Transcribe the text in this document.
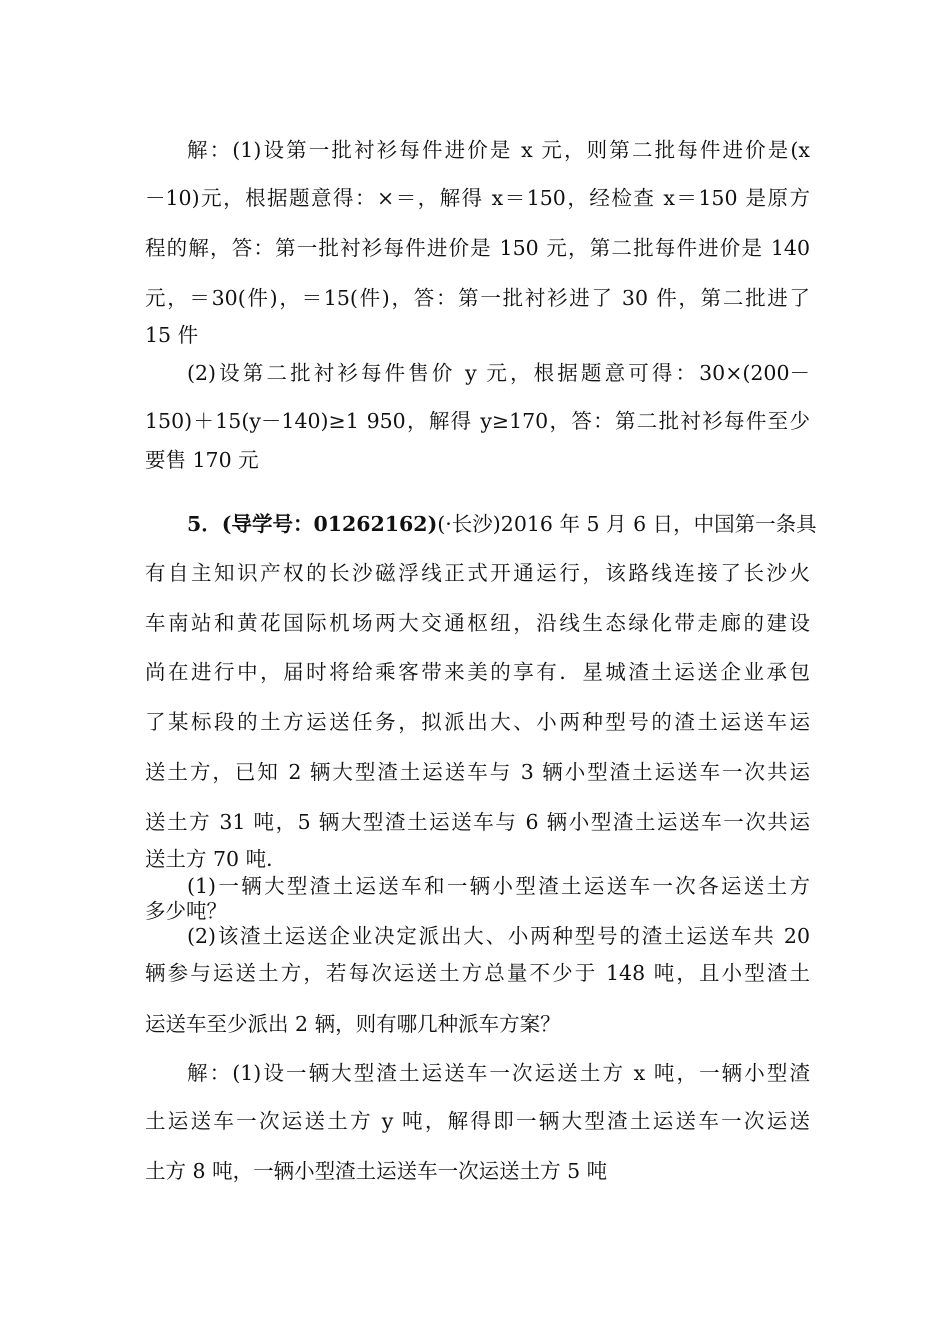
解：(1)设第一批衬衫每件进价是 x 元，则第二批每件进价是(x
－10)元，根据题意得：×＝，解得 x＝150，经检查 x＝150 是原方
程的解，答：第一批衬衫每件进价是 150 元，第二批每件进价是 140
元，＝30(件)，＝15(件)，答：第一批衬衫进了 30 件，第二批进了
15 件
(2)设第二批衬衫每件售价 y 元，根据题意可得：30×(200－
150)＋15(y－140)≥1 950，解得 y≥170，答：第二批衬衫每件至少
要售 170 元
5．(导学号：01262162)(·长沙)2016 年 5 月 6 日，中国第一条具
有自主知识产权的长沙磁浮线正式开通运行，该路线连接了长沙火
车南站和黄花国际机场两大交通枢纽，沿线生态绿化带走廊的建设
尚在进行中，届时将给乘客带来美的享有．星城渣土运送企业承包
了某标段的土方运送任务，拟派出大、小两种型号的渣土运送车运
送土方，已知 2 辆大型渣土运送车与 3 辆小型渣土运送车一次共运
送土方 31 吨，5 辆大型渣土运送车与 6 辆小型渣土运送车一次共运
送土方 70 吨．
(1)一辆大型渣土运送车和一辆小型渣土运送车一次各运送土方
多少吨？
(2)该渣土运送企业决定派出大、小两种型号的渣土运送车共 20
辆参与运送土方，若每次运送土方总量不少于 148 吨，且小型渣土
运送车至少派出 2 辆，则有哪几种派车方案？
解：(1)设一辆大型渣土运送车一次运送土方 x 吨，一辆小型渣
土运送车一次运送土方 y 吨，解得即一辆大型渣土运送车一次运送
土方 8 吨，一辆小型渣土运送车一次运送土方 5 吨
